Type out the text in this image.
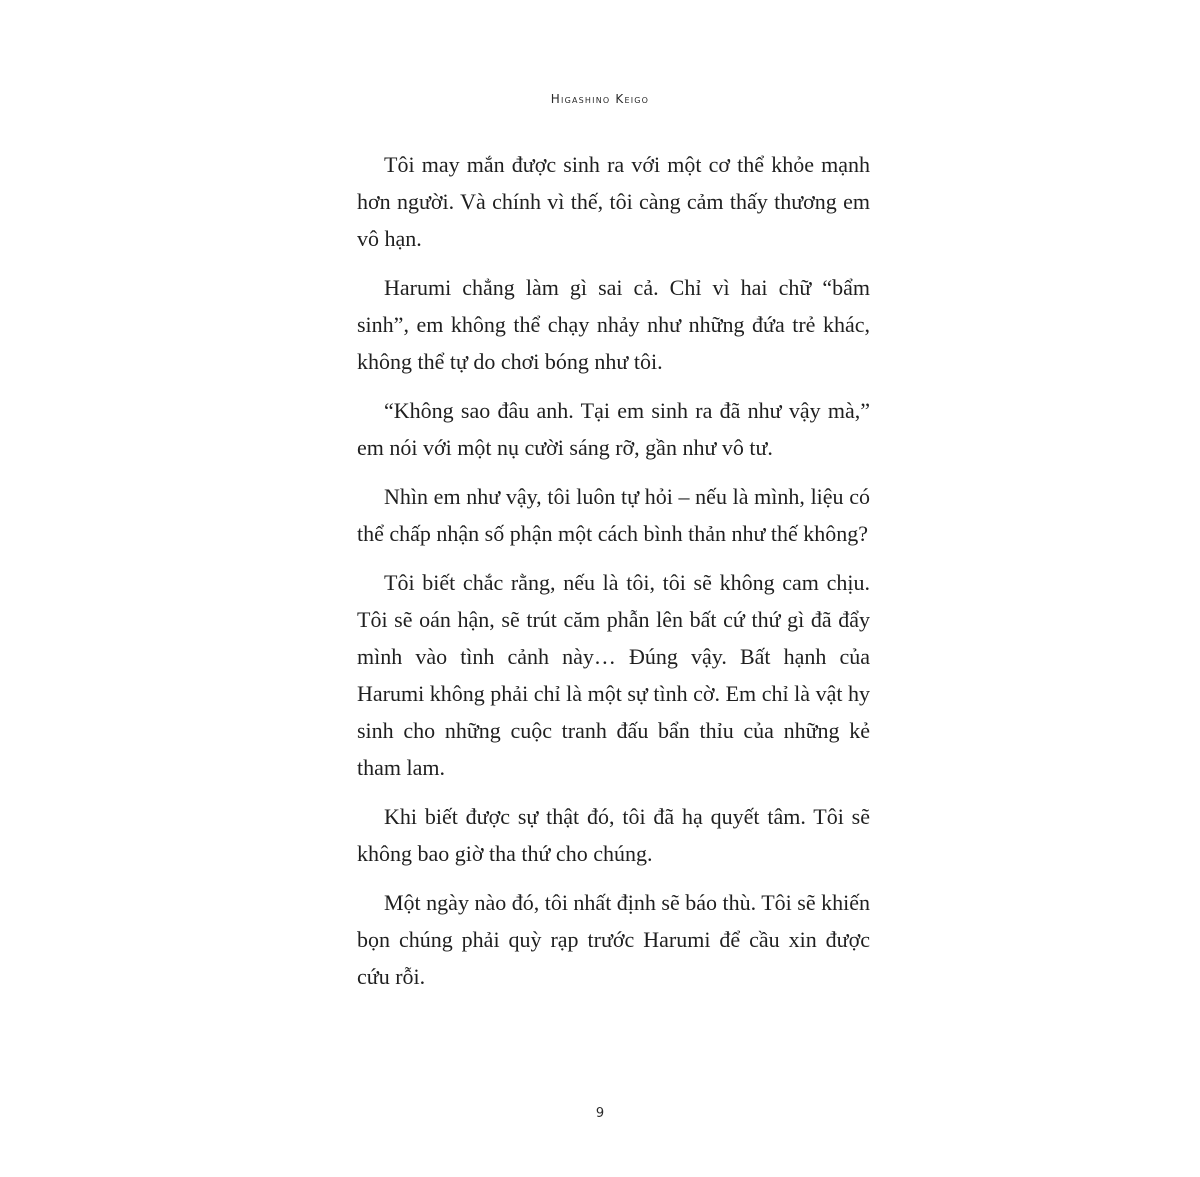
Higashino Keigo

Tôi may mắn được sinh ra với một cơ thể khỏe mạnh hơn người. Và chính vì thế, tôi càng cảm thấy thương em vô hạn.

Harumi chẳng làm gì sai cả. Chỉ vì hai chữ “bẩm sinh”, em không thể chạy nhảy như những đứa trẻ khác, không thể tự do chơi bóng như tôi.

“Không sao đâu anh. Tại em sinh ra đã như vậy mà,” em nói với một nụ cười sáng rỡ, gần như vô tư.

Nhìn em như vậy, tôi luôn tự hỏi – nếu là mình, liệu có thể chấp nhận số phận một cách bình thản như thế không?

Tôi biết chắc rằng, nếu là tôi, tôi sẽ không cam chịu. Tôi sẽ oán hận, sẽ trút căm phẫn lên bất cứ thứ gì đã đẩy mình vào tình cảnh này… Đúng vậy. Bất hạnh của Harumi không phải chỉ là một sự tình cờ. Em chỉ là vật hy sinh cho những cuộc tranh đấu bẩn thỉu của những kẻ tham lam.

Khi biết được sự thật đó, tôi đã hạ quyết tâm. Tôi sẽ không bao giờ tha thứ cho chúng.

Một ngày nào đó, tôi nhất định sẽ báo thù. Tôi sẽ khiến bọn chúng phải quỳ rạp trước Harumi để cầu xin được cứu rỗi.

9
